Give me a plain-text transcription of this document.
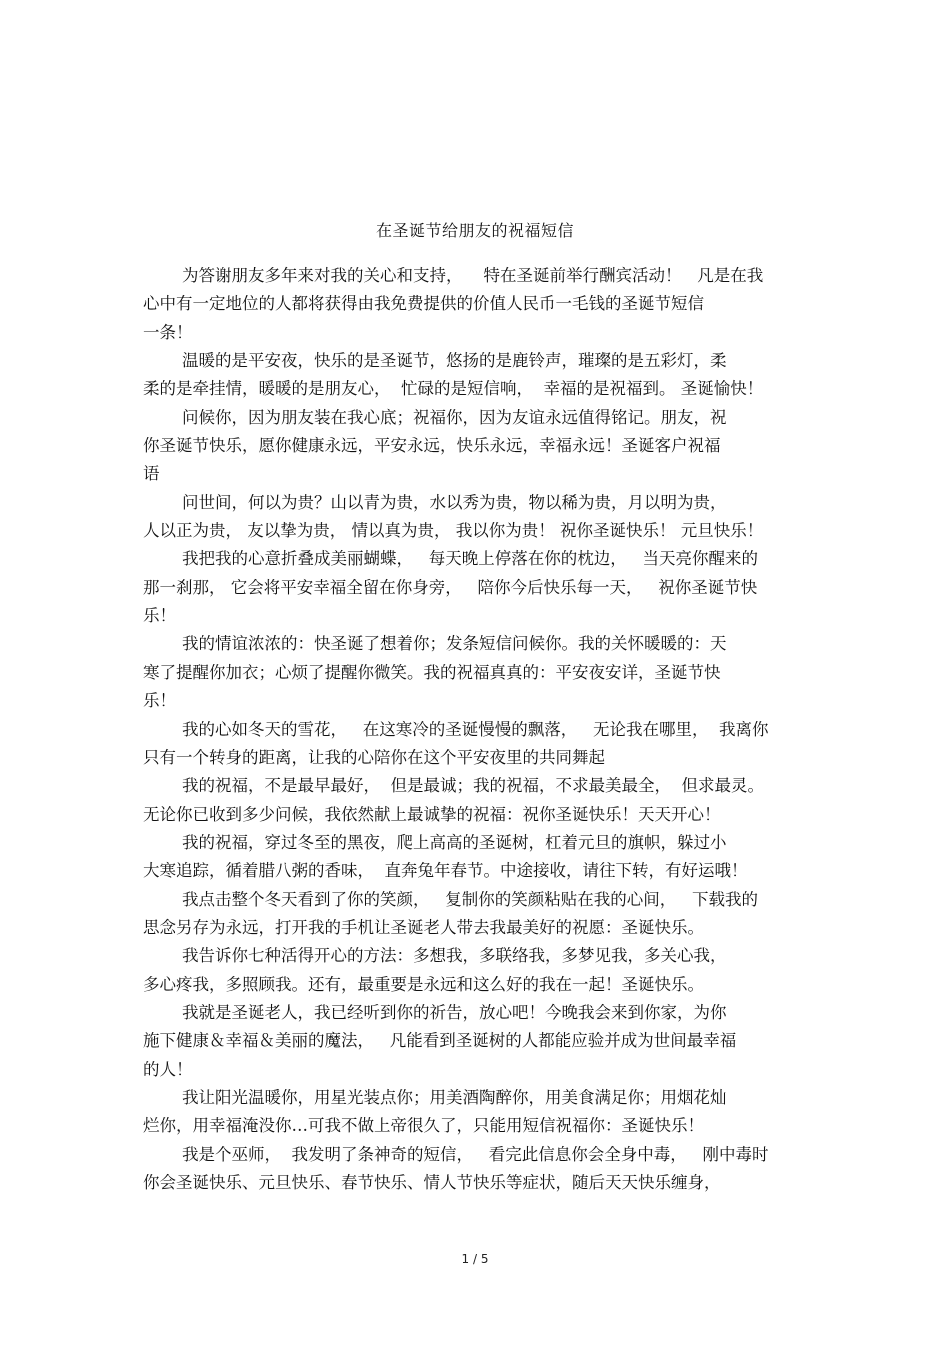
在圣诞节给朋友的祝福短信
为答谢朋友多年来对我的关心和支持，    特在圣诞前举行酬宾活动！   凡是在我
心中有一定地位的人都将获得由我免费提供的价值人民币一毛钱的圣诞节短信
一条！
温暖的是平安夜，快乐的是圣诞节，悠扬的是鹿铃声，璀璨的是五彩灯，柔
柔的是牵挂情，暖暖的是朋友心，  忙碌的是短信响，  幸福的是祝福到。 圣诞愉快！
问候你，因为朋友装在我心底；祝福你，因为友谊永远值得铭记。朋友，祝
你圣诞节快乐，愿你健康永远，平安永远，快乐永远，幸福永远！圣诞客户祝福
语
问世间，何以为贵？山以青为贵，水以秀为贵，物以稀为贵，月以明为贵，
人以正为贵， 友以挚为贵， 情以真为贵， 我以你为贵！ 祝你圣诞快乐！ 元旦快乐！
我把我的心意折叠成美丽蝴蝶，   每天晚上停落在你的枕边，   当天亮你醒来的
那一刹那， 它会将平安幸福全留在你身旁，   陪你今后快乐每一天，   祝你圣诞节快
乐！
我的情谊浓浓的：快圣诞了想着你；发条短信问候你。我的关怀暖暖的：天
寒了提醒你加衣；心烦了提醒你微笑。我的祝福真真的：平安夜安详，圣诞节快
乐！
我的心如冬天的雪花，   在这寒冷的圣诞慢慢的飘落，   无论我在哪里，  我离你
只有一个转身的距离，让我的心陪你在这个平安夜里的共同舞起
我的祝福，不是最早最好，  但是最诚；我的祝福，不求最美最全，  但求最灵。
无论你已收到多少问候，我依然献上最诚挚的祝福：祝你圣诞快乐！天天开心！
我的祝福，穿过冬至的黑夜，爬上高高的圣诞树，杠着元旦的旗帜，躲过小
大寒追踪，循着腊八粥的香味，  直奔兔年春节。中途接收，请往下转，有好运哦！
我点击整个冬天看到了你的笑颜，   复制你的笑颜粘贴在我的心间，   下载我的
思念另存为永远，打开我的手机让圣诞老人带去我最美好的祝愿：圣诞快乐。
我告诉你七种活得开心的方法：多想我，多联络我，多梦见我，多关心我，
多心疼我，多照顾我。还有，最重要是永远和这么好的我在一起！圣诞快乐。
我就是圣诞老人，我已经听到你的祈告，放心吧！今晚我会来到你家，为你
施下健康＆幸福＆美丽的魔法，   凡能看到圣诞树的人都能应验并成为世间最幸福
的人！
我让阳光温暖你，用星光装点你；用美酒陶醉你，用美食满足你；用烟花灿
烂你，用幸福淹没你…可我不做上帝很久了，只能用短信祝福你：圣诞快乐！
我是个巫师，  我发明了条神奇的短信，   看完此信息你会全身中毒，   刚中毒时
你会圣诞快乐、元旦快乐、春节快乐、情人节快乐等症状，随后天天快乐缠身，
1 / 5
